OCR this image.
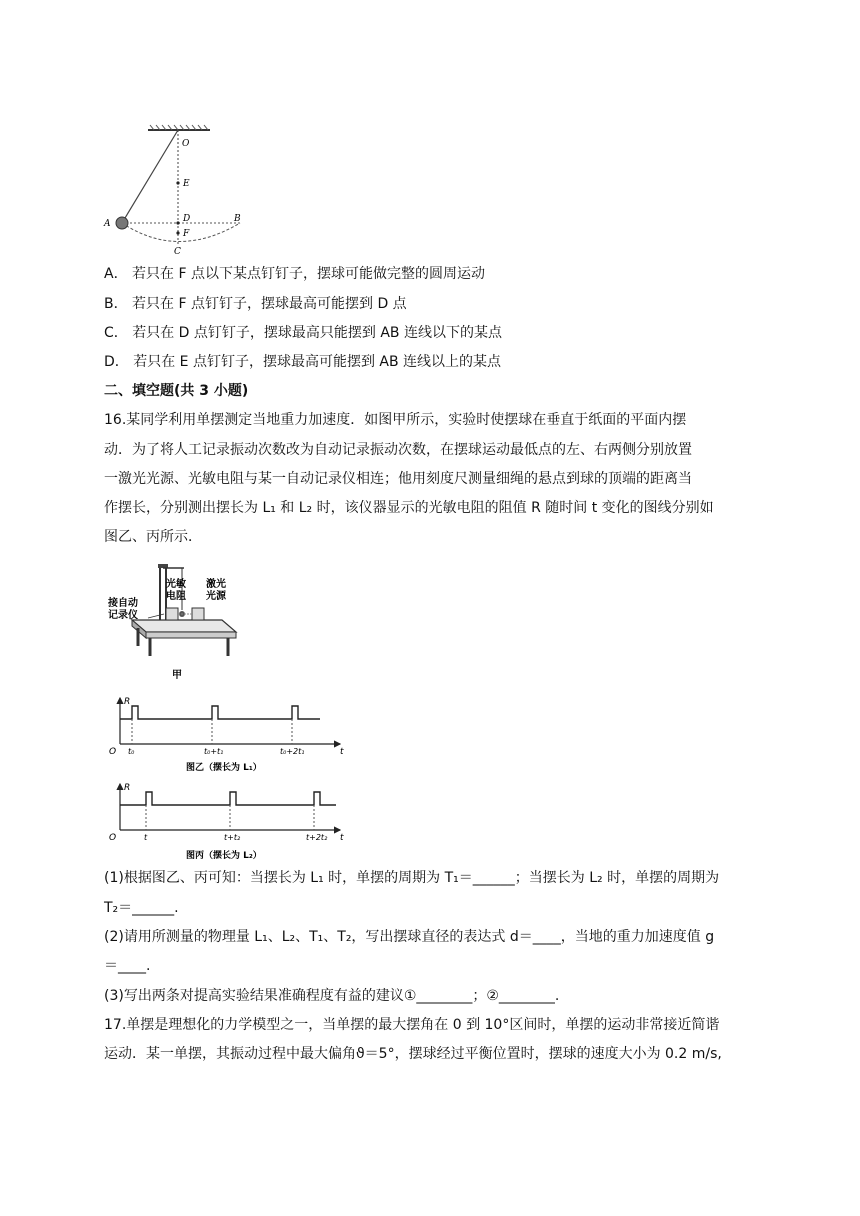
O
E
D
F
C
A	B
A． 若只在 F 点以下某点钉钉子，摆球可能做完整的圆周运动
B． 若只在 F 点钉钉子，摆球最高可能摆到 D 点
C． 若只在 D 点钉钉子，摆球最高只能摆到 AB 连线以下的某点
D． 若只在 E 点钉钉子，摆球最高可能摆到 AB 连线以上的某点
二、填空题(共 3 小题)
16.某同学利用单摆测定当地重力加速度．如图甲所示，实验时使摆球在垂直于纸面的平面内摆
动．为了将人工记录振动次数改为自动记录振动次数，在摆球运动最低点的左、右两侧分别放置
一激光光源、光敏电阻与某一自动记录仪相连；他用刻度尺测量细绳的悬点到球的顶端的距离当
作摆长，分别测出摆长为 L₁ 和 L₂ 时，该仪器显示的光敏电阻的阻值 R 随时间 t 变化的图线分别如
图乙、丙所示．
光敏
电阻
激光
光源
接自动
记录仪
甲
R
O	t
t₀	t₀+t₁	t₀+2t₁
图乙（摆长为 L₁）
R
O	t
t	t+t₂	t+2t₂
图丙（摆长为 L₂）
(1)根据图乙、丙可知：当摆长为 L₁ 时，单摆的周期为 T₁＝______；当摆长为 L₂ 时，单摆的周期为
T₂＝______.
(2)请用所测量的物理量 L₁、L₂、T₁、T₂，写出摆球直径的表达式 d＝____，当地的重力加速度值 g
＝____.
(3)写出两条对提高实验结果准确程度有益的建议①________；②________.
17.单摆是理想化的力学模型之一，当单摆的最大摆角在 0 到 10°区间时，单摆的运动非常接近简谐
运动．某一单摆，其振动过程中最大偏角ϑ＝5°，摆球经过平衡位置时，摆球的速度大小为 0.2 m/s,
